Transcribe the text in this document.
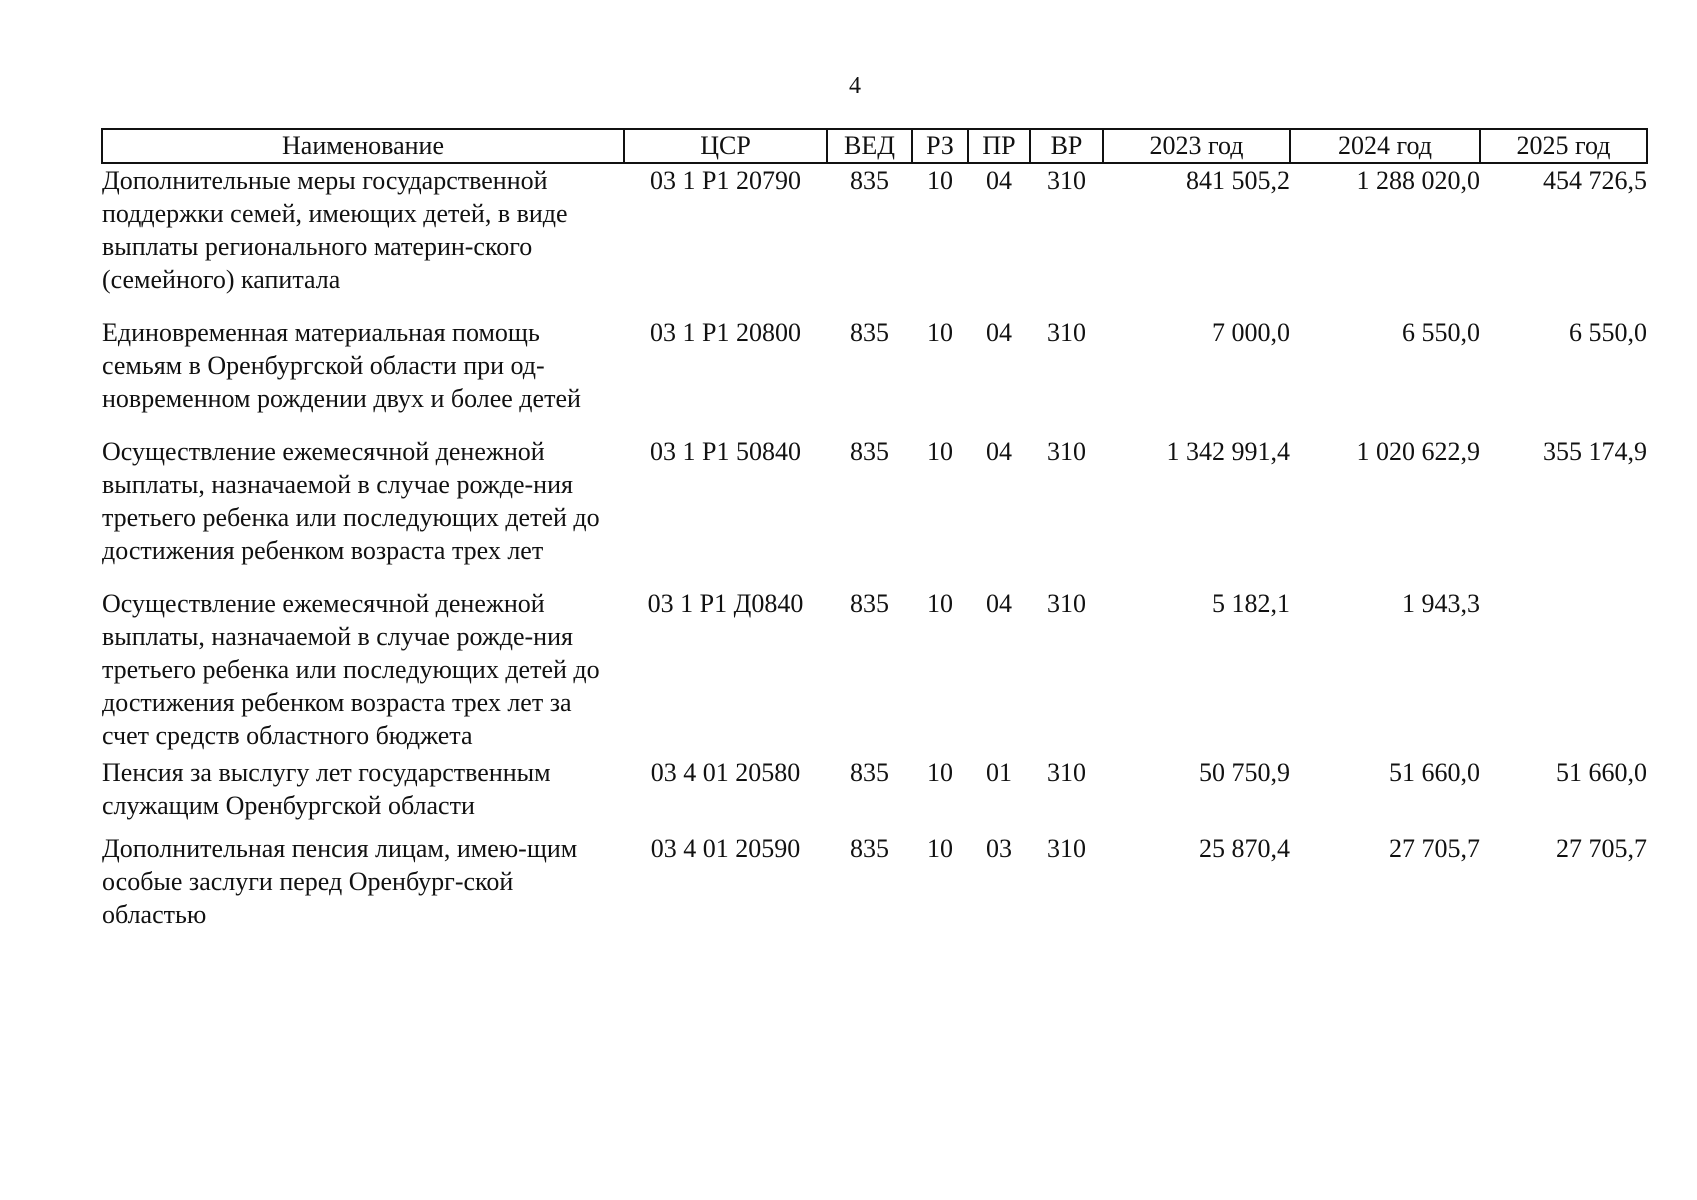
4
Наименование	ЦСР	ВЕД	РЗ	ПР	ВР	2023 год	2024 год	2025 год
Дополнительные меры государственной поддержки семей, имеющих детей, в виде выплаты регионального материн-ского (семейного) капитала	03 1 Р1 20790	835	10	04	310	841 505,2	1 288 020,0	454 726,5
Единовременная материальная помощь семьям в Оренбургской области при од-новременном рождении двух и более детей	03 1 Р1 20800	835	10	04	310	7 000,0	6 550,0	6 550,0
Осуществление ежемесячной денежной выплаты, назначаемой в случае рожде-ния третьего ребенка или последующих детей до достижения ребенком возраста трех лет	03 1 Р1 50840	835	10	04	310	1 342 991,4	1 020 622,9	355 174,9
Осуществление ежемесячной денежной выплаты, назначаемой в случае рожде-ния третьего ребенка или последующих детей до достижения ребенком возраста трех лет за счет средств областного бюджета	03 1 Р1 Д0840	835	10	04	310	5 182,1	1 943,3	
Пенсия за выслугу лет государственным служащим Оренбургской области	03 4 01 20580	835	10	01	310	50 750,9	51 660,0	51 660,0
Дополнительная пенсия лицам, имею-щим особые заслуги перед Оренбург-ской областью	03 4 01 20590	835	10	03	310	25 870,4	27 705,7	27 705,7
